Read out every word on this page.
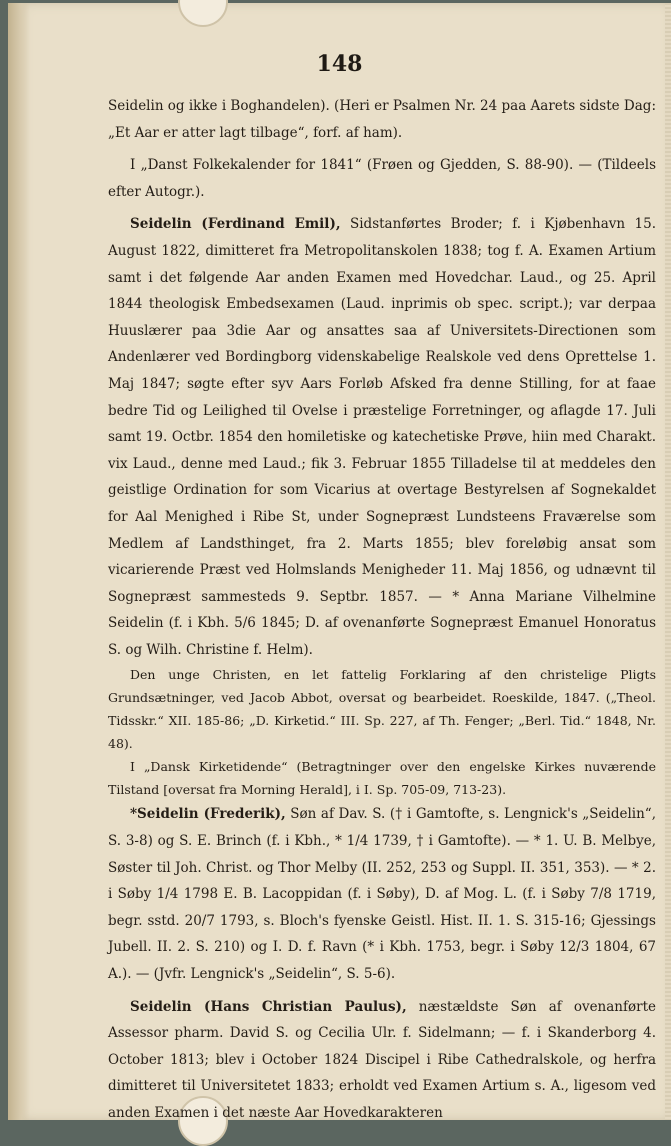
148

Seidelin og ikke i Boghandelen). (Heri er Psalmen Nr. 24 paa Aarets sidste Dag: „Et Aar er atter lagt tilbage“, forf. af ham).

I „Danst Folkekalender for 1841“ (Frøen og Gjedden, S. 88-90). — (Tildeels efter Autogr.).

Seidelin (Ferdinand Emil), Sidstanførtes Broder; f. i Kjøbenhavn 15. August 1822, dimitteret fra Metropolitanskolen 1838; tog f. A. Examen Artium samt i det følgende Aar anden Examen med Hovedchar. Laud., og 25. April 1844 theologisk Embedsexamen (Laud. inprimis ob spec. script.); var derpaa Huuslærer paa 3die Aar og ansattes saa af Universitets-Directionen som Andenlærer ved Bordingborg videnskabelige Realskole ved dens Oprettelse 1. Maj 1847; søgte efter syv Aars Forløb Afsked fra denne Stilling, for at faae bedre Tid og Leilighed til Ovelse i præstelige Forretninger, og aflagde 17. Juli samt 19. Octbr. 1854 den homiletiske og katechetiske Prøve, hiin med Charakt. vix Laud., denne med Laud.; fik 3. Februar 1855 Tilladelse til at meddeles den geistlige Ordination for som Vicarius at overtage Bestyrelsen af Sognekaldet for Aal Menighed i Ribe St, under Sognepræst Lundsteens Fraværelse som Medlem af Landsthinget, fra 2. Marts 1855; blev foreløbig ansat som vicarierende Præst ved Holmslands Menigheder 11. Maj 1856, og udnævnt til Sognepræst sammesteds 9. Septbr. 1857. — * Anna Mariane Vilhelmine Seidelin (f. i Kbh. 5/6 1845; D. af ovenanførte Sognepræst Emanuel Honoratus S. og Wilh. Christine f. Helm).

Den unge Christen, en let fattelig Forklaring af den christelige Pligts Grundsætninger, ved Jacob Abbot, oversat og bearbeidet. Roeskilde, 1847. („Theol. Tidsskr.“ XII. 185-86; „D. Kirketid.“ III. Sp. 227, af Th. Fenger; „Berl. Tid.“ 1848, Nr. 48).

I „Dansk Kirketidende“ (Betragtninger over den engelske Kirkes nuværende Tilstand [oversat fra Morning Herald], i I. Sp. 705-09, 713-23).

*Seidelin (Frederik), Søn af Dav. S. († i Gamtofte, s. Lengnick's „Seidelin“, S. 3-8) og S. E. Brinch (f. i Kbh., * 1/4 1739, † i Gamtofte). — * 1. U. B. Melbye, Søster til Joh. Christ. og Thor Melby (II. 252, 253 og Suppl. II. 351, 353). — * 2. i Søby 1/4 1798 E. B. Lacoppidan (f. i Søby), D. af Mog. L. (f. i Søby 7/8 1719, begr. sstd. 20/7 1793, s. Bloch's fyenske Geistl. Hist. II. 1. S. 315-16; Gjessings Jubell. II. 2. S. 210) og I. D. f. Ravn (* i Kbh. 1753, begr. i Søby 12/3 1804, 67 A.). — (Jvfr. Lengnick's „Seidelin“, S. 5-6).

Seidelin (Hans Christian Paulus), næstældste Søn af ovenanførte Assessor pharm. David S. og Cecilia Ulr. f. Sidelmann; — f. i Skanderborg 4. October 1813; blev i October 1824 Discipel i Ribe Cathedralskole, og herfra dimitteret til Universitetet 1833; erholdt ved Examen Artium s. A., ligesom ved anden Examen i det næste Aar Hovedkarakteren
